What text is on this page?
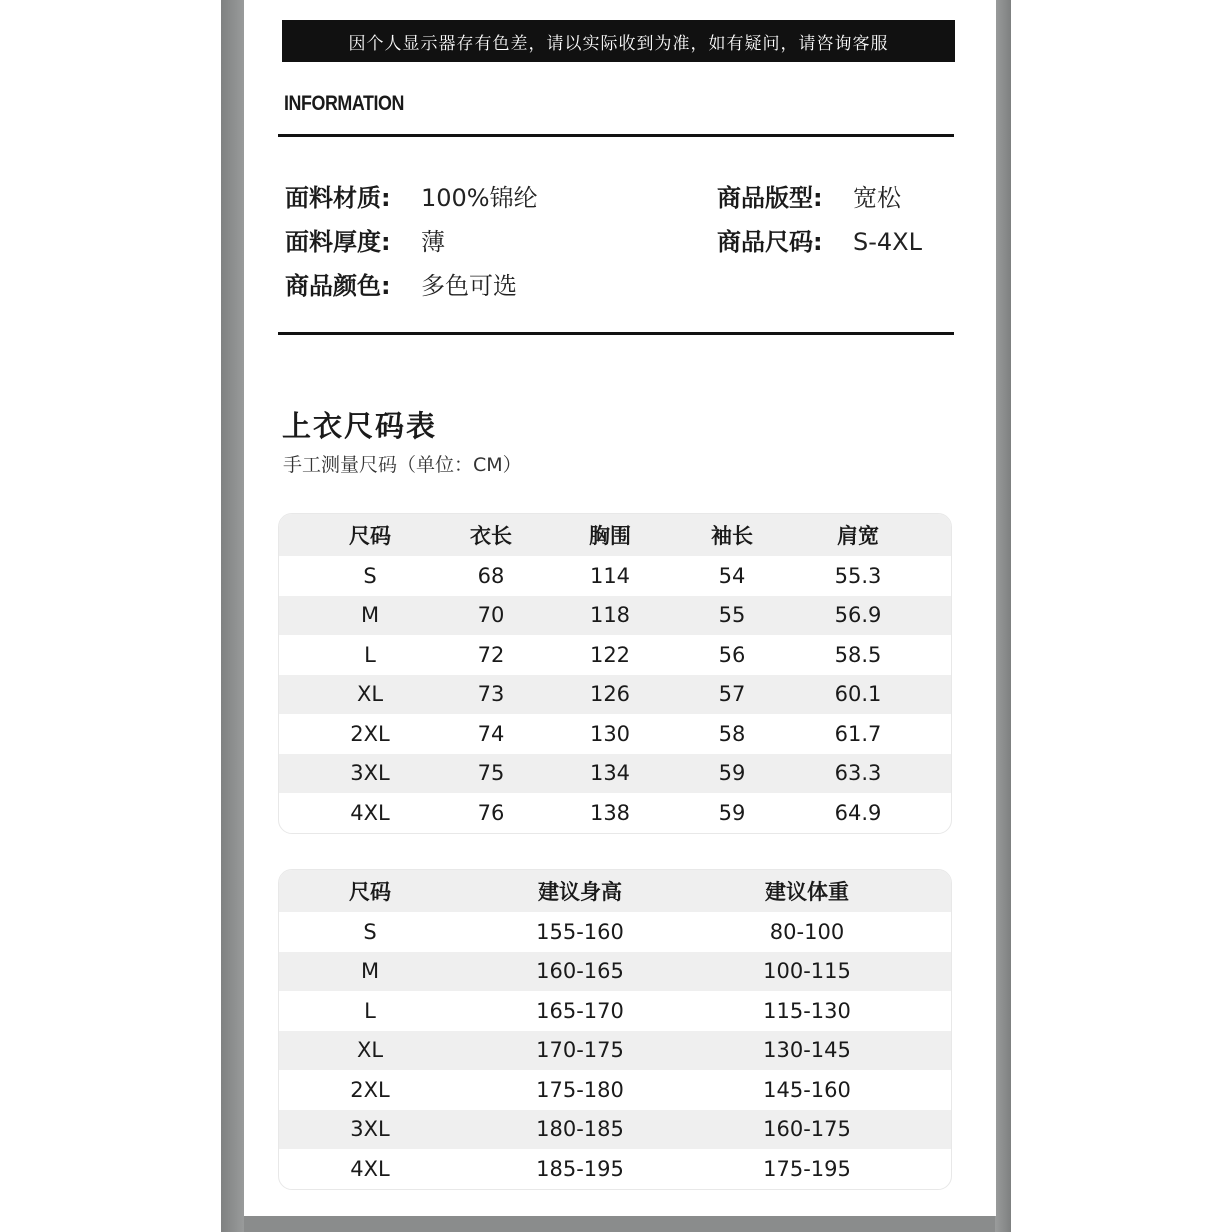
因个人显示器存有色差，请以实际收到为准，如有疑问，请咨询客服
INFORMATION
面料材质:	100%锦纶	商品版型:	宽松
面料厚度:	薄	商品尺码:	S-4XL
商品颜色:	多色可选
上衣尺码表
手工测量尺码（单位：CM）
尺码	衣长	胸围	袖长	肩宽
S	68	114	54	55.3
M	70	118	55	56.9
L	72	122	56	58.5
XL	73	126	57	60.1
2XL	74	130	58	61.7
3XL	75	134	59	63.3
4XL	76	138	59	64.9
尺码	建议身高	建议体重
S	155-160	80-100
M	160-165	100-115
L	165-170	115-130
XL	170-175	130-145
2XL	175-180	145-160
3XL	180-185	160-175
4XL	185-195	175-195
